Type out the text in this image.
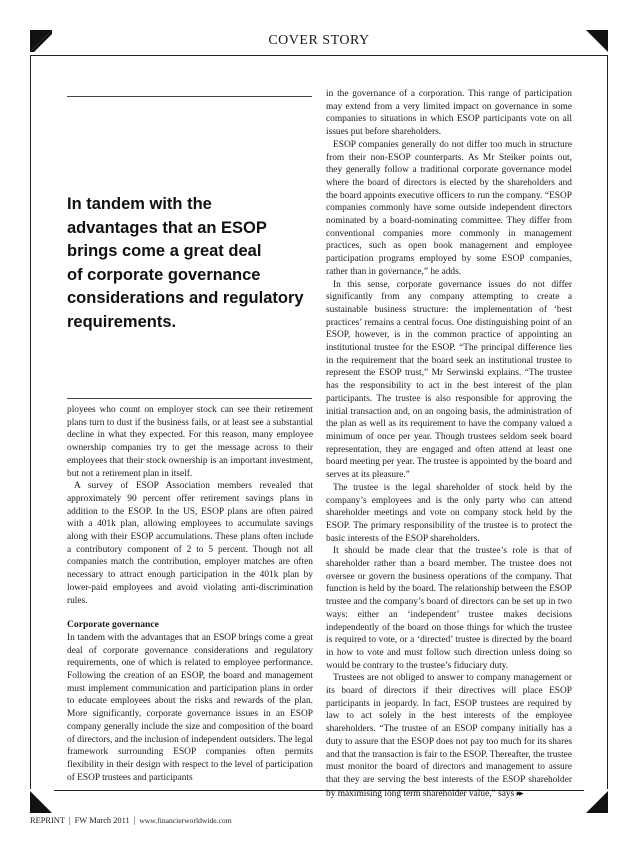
COVER STORY
In tandem with the
advantages that an ESOP
brings come a great deal
of corporate governance
considerations and regulatory
requirements.

ployees who count on employer stock can see their retirement plans turn to dust if the business fails, or at least see a substantial decline in what they expected. For this reason, many employee ownership companies try to get the message across to their employees that their stock ownership is an important investment, but not a retirement plan in itself.

A survey of ESOP Association members revealed that approximately 90 percent offer retirement savings plans in addition to the ESOP. In the US, ESOP plans are often paired with a 401k plan, allowing employees to accumulate savings along with their ESOP accumulations. These plans often include a contributory component of 2 to 5 percent. Though not all companies match the contribution, employer matches are often necessary to attract enough participation in the 401k plan by lower-paid employees and avoid violating anti-discrimination rules.

Corporate governance

In tandem with the advantages that an ESOP brings come a great deal of corporate governance considerations and regulatory requirements, one of which is related to employee performance. Following the creation of an ESOP, the board and management must implement communication and participation plans in order to educate employees about the risks and rewards of the plan. More significantly, corporate governance issues in an ESOP company generally include the size and composition of the board of directors, and the inclusion of independent outsiders. The legal framework surrounding ESOP companies often permits flexibility in their design with respect to the level of participation of ESOP trustees and participants

in the governance of a corporation. This range of participation may extend from a very limited impact on governance in some companies to situations in which ESOP participants vote on all issues put before shareholders.

ESOP companies generally do not differ too much in structure from their non-ESOP counterparts. As Mr Steiker points out, they generally follow a traditional corporate governance model where the board of directors is elected by the shareholders and the board appoints executive officers to run the company. “ESOP companies commonly have some outside independent directors nominated by a board-nominating committee. They differ from conventional companies more commonly in management practices, such as open book management and employee participation programs employed by some ESOP companies, rather than in governance,” he adds.

In this sense, corporate governance issues do not differ significantly from any company attempting to create a sustainable business structure: the implementation of ‘best practices’ remains a central focus. One distinguishing point of an ESOP, however, is in the common practice of appointing an institutional trustee for the ESOP. “The principal difference lies in the requirement that the board seek an institutional trustee to represent the ESOP trust,” Mr Serwinski explains. “The trustee has the responsibility to act in the best interest of the plan participants. The trustee is also responsible for approving the initial transaction and, on an ongoing basis, the administration of the plan as well as its requirement to have the company valued a minimum of once per year. Though trustees seldom seek board representation, they are engaged and often attend at least one board meeting per year. The trustee is appointed by the board and serves at its pleasure.”

The trustee is the legal shareholder of stock held by the company’s employees and is the only party who can attend shareholder meetings and vote on company stock held by the ESOP. The primary responsibility of the trustee is to protect the basic interests of the ESOP shareholders.

It should be made clear that the trustee’s role is that of shareholder rather than a board member. The trustee does not oversee or govern the business operations of the company. That function is held by the board. The relationship between the ESOP trustee and the company’s board of directors can be set up in two ways: either an ‘independent’ trustee makes decisions independently of the board on those things for which the trustee is required to vote, or a ‘directed’ trustee is directed by the board in how to vote and must follow such direction unless doing so would be contrary to the trustee’s fiduciary duty.

Trustees are not obliged to answer to company management or its board of directors if their directives will place ESOP participants in jeopardy. In fact, ESOP trustees are required by law to act solely in the best interests of the employee shareholders. “The trustee of an ESOP company initially has a duty to assure that the ESOP does not pay too much for its shares and that the transaction is fair to the ESOP. Thereafter, the trustee must monitor the board of directors and management to assure that they are serving the best interests of the ESOP shareholder by maximising long term shareholder value,” says ▸▸

REPRINT | FW March 2011 | www.financierworldwide.com
